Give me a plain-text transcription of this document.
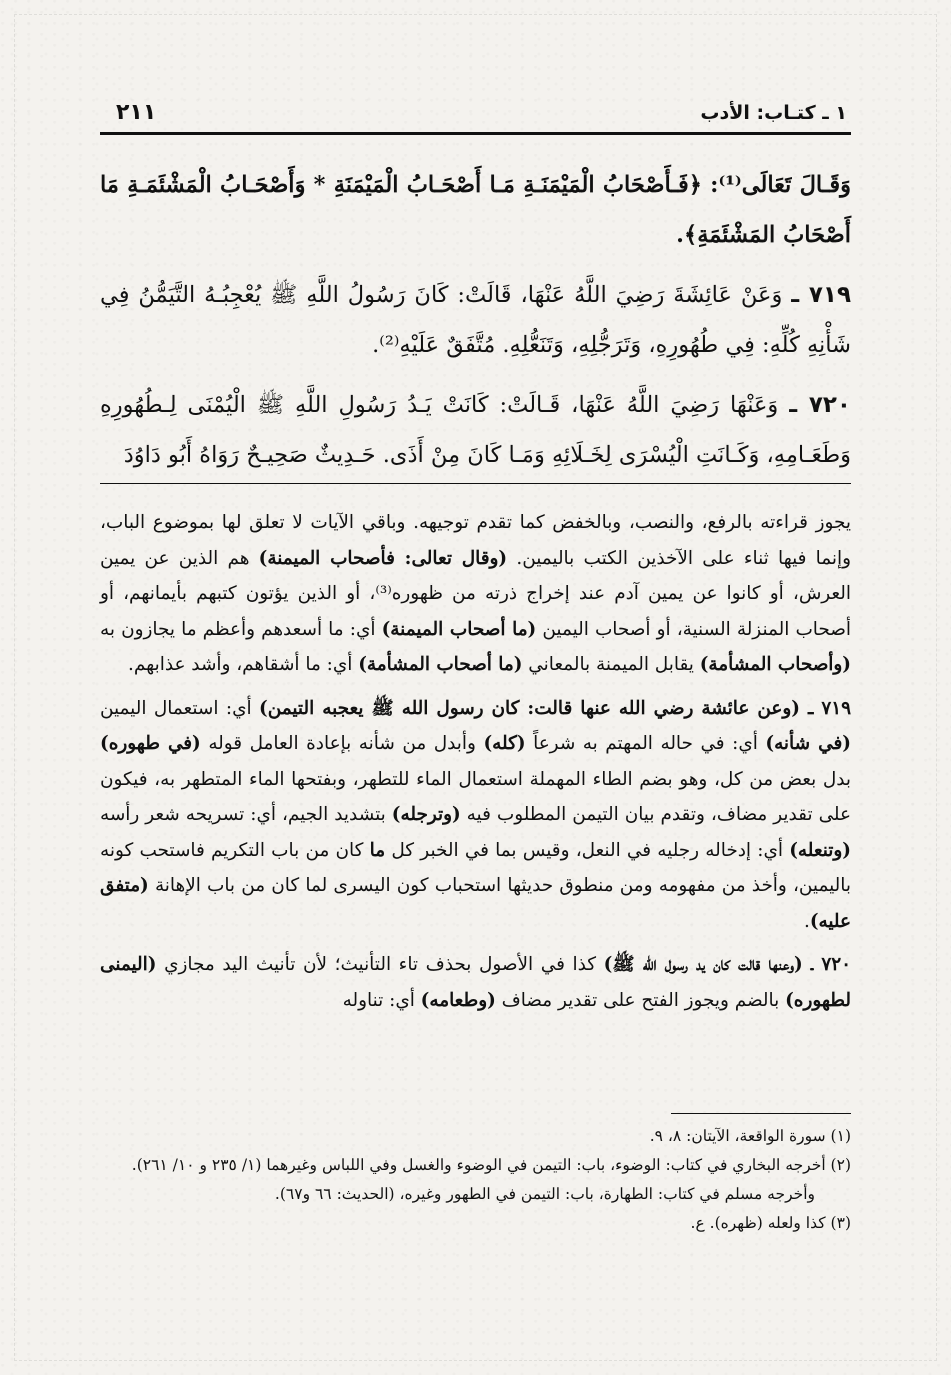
٢١١	١ ـ كتـاب: الأدب

وَقَـالَ تَعَالَى⁽¹⁾: ﴿فَـأَصْحَابُ الْمَيْمَنَـةِ مَـا أَصْحَـابُ الْمَيْمَنَةِ * وَأَصْحَـابُ الْمَشْئَمَـةِ مَا أَصْحَابُ المَشْئَمَةِ﴾.

٧١٩ ـ وَعَنْ عَائِشَةَ رَضِيَ اللَّهُ عَنْهَا، قَالَتْ: كَانَ رَسُولُ اللَّهِ ﷺ يُعْجِبُـهُ التَّيَمُّنُ فِي شَأْنِهِ كُلِّهِ: فِي طُهُورِهِ، وَتَرَجُّلِهِ، وَتَنَعُّلِهِ. مُتَّفَقٌ عَلَيْهِ⁽²⁾.

٧٢٠ ـ وَعَنْهَا رَضِيَ اللَّهُ عَنْهَا، قَـالَتْ: كَانَتْ يَـدُ رَسُولِ اللَّهِ ﷺ الْيُمْنَى لِـطُهُورِهِ وَطَعَـامِهِ، وَكَـانَتِ الْيُسْرَى لِخَـلَائِهِ وَمَـا كَانَ مِنْ أَذَى. حَـدِيثٌ صَحِيـحٌ رَوَاهُ أَبُو دَاوُدَ

يجوز قراءته بالرفع، والنصب، وبالخفض كما تقدم توجيهه. وباقي الآيات لا تعلق لها بموضوع الباب، وإنما فيها ثناء على الآخذين الكتب باليمين. (وقال تعالى: فأصحاب الميمنة) هم الذين عن يمين العرش، أو كانوا عن يمين آدم عند إخراج ذرته من ظهوره⁽³⁾، أو الذين يؤتون كتبهم بأيمانهم، أو أصحاب المنزلة السنية، أو أصحاب اليمين (ما أصحاب الميمنة) أي: ما أسعدهم وأعظم ما يجازون به (وأصحاب المشأمة) يقابل الميمنة بالمعاني (ما أصحاب المشأمة) أي: ما أشقاهم، وأشد عذابهم.

٧١٩ ـ (وعن عائشة رضي الله عنها قالت: كان رسول الله ﷺ يعجبه التيمن) أي: استعمال اليمين (في شأنه) أي: في حاله المهتم به شرعاً (كله) وأبدل من شأنه بإعادة العامل قوله (في طهوره) بدل بعض من كل، وهو بضم الطاء المهملة استعمال الماء للتطهر، وبفتحها الماء المتطهر به، فيكون على تقدير مضاف، وتقدم بيان التيمن المطلوب فيه (وترجله) بتشديد الجيم، أي: تسريحه شعر رأسه (وتنعله) أي: إدخاله رجليه في النعل، وقيس بما في الخبر كل ما كان من باب التكريم فاستحب كونه باليمين، وأخذ من مفهومه ومن منطوق حديثها استحباب كون اليسرى لما كان من باب الإهانة (متفق عليه).

٧٢٠ ـ (وعنها قالت كان يد رسول الله ﷺ) كذا في الأصول بحذف تاء التأنيث؛ لأن تأنيث اليد مجازي (اليمنى لطهوره) بالضم ويجوز الفتح على تقدير مضاف (وطعامه) أي: تناوله

(١) سورة الواقعة، الآيتان: ٨، ٩.

(٢) أخرجه البخاري في كتاب: الوضوء، باب: التيمن في الوضوء والغسل وفي اللباس وغيرهما (١/ ٢٣٥ و ١٠/ ٢٦١).

وأخرجه مسلم في كتاب: الطهارة، باب: التيمن في الطهور وغيره، (الحديث: ٦٦ و٦٧).

(٣) كذا ولعله (ظهره). ع.
